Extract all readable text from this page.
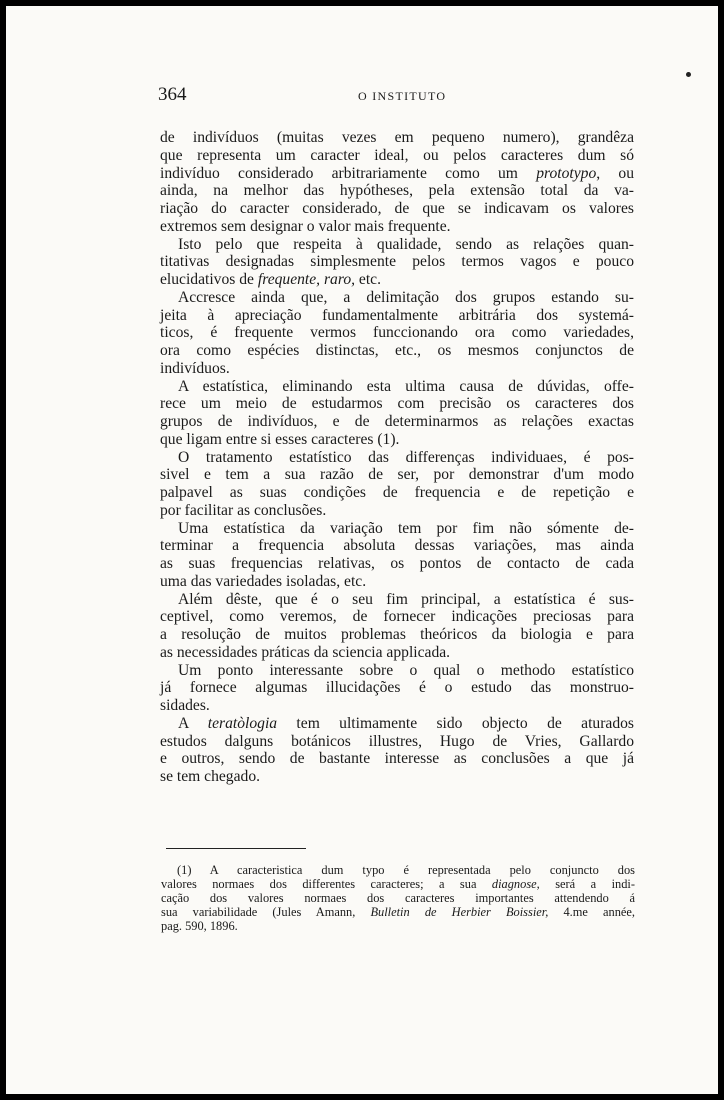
364	O INSTITUTO
de indivíduos (muitas vezes em pequeno numero), grandêza
que representa um caracter ideal, ou pelos caracteres dum só
indivíduo considerado arbitrariamente como um prototypo, ou
ainda, na melhor das hypótheses, pela extensão total da va-
riação do caracter considerado, de que se indicavam os valores
extremos sem designar o valor mais frequente.
Isto pelo que respeita à qualidade, sendo as relações quan-
titativas designadas simplesmente pelos termos vagos e pouco
elucidativos de frequente, raro, etc.
Accresce ainda que, a delimitação dos grupos estando su-
jeita à apreciação fundamentalmente arbitrária dos systemá-
ticos, é frequente vermos funccionando ora como variedades,
ora como espécies distinctas, etc., os mesmos conjunctos de
indivíduos.
A estatística, eliminando esta ultima causa de dúvidas, offe-
rece um meio de estudarmos com precisão os caracteres dos
grupos de indivíduos, e de determinarmos as relações exactas
que ligam entre si esses caracteres (1).
O tratamento estatístico das differenças individuaes, é pos-
sivel e tem a sua razão de ser, por demonstrar d'um modo
palpavel as suas condições de frequencia e de repetição e
por facilitar as conclusões.
Uma estatística da variação tem por fim não sómente de-
terminar a frequencia absoluta dessas variações, mas ainda
as suas frequencias relativas, os pontos de contacto de cada
uma das variedades isoladas, etc.
Além dêste, que é o seu fim principal, a estatística é sus-
ceptivel, como veremos, de fornecer indicações preciosas para
a resolução de muitos problemas theóricos da biologia e para
as necessidades práticas da sciencia applicada.
Um ponto interessante sobre o qual o methodo estatístico
já fornece algumas illucidações é o estudo das monstruo-
sidades.
A teratòlogia tem ultimamente sido objecto de aturados
estudos dalguns botánicos illustres, Hugo de Vries, Gallardo
e outros, sendo de bastante interesse as conclusões a que já
se tem chegado.
(1) A caracteristica dum typo é representada pelo conjuncto dos
valores normaes dos differentes caracteres; a sua diagnose, será a indi-
cação dos valores normaes dos caracteres importantes attendendo á
sua variabilidade (Jules Amann, Bulletin de Herbier Boissier, 4.me année,
pag. 590, 1896.
